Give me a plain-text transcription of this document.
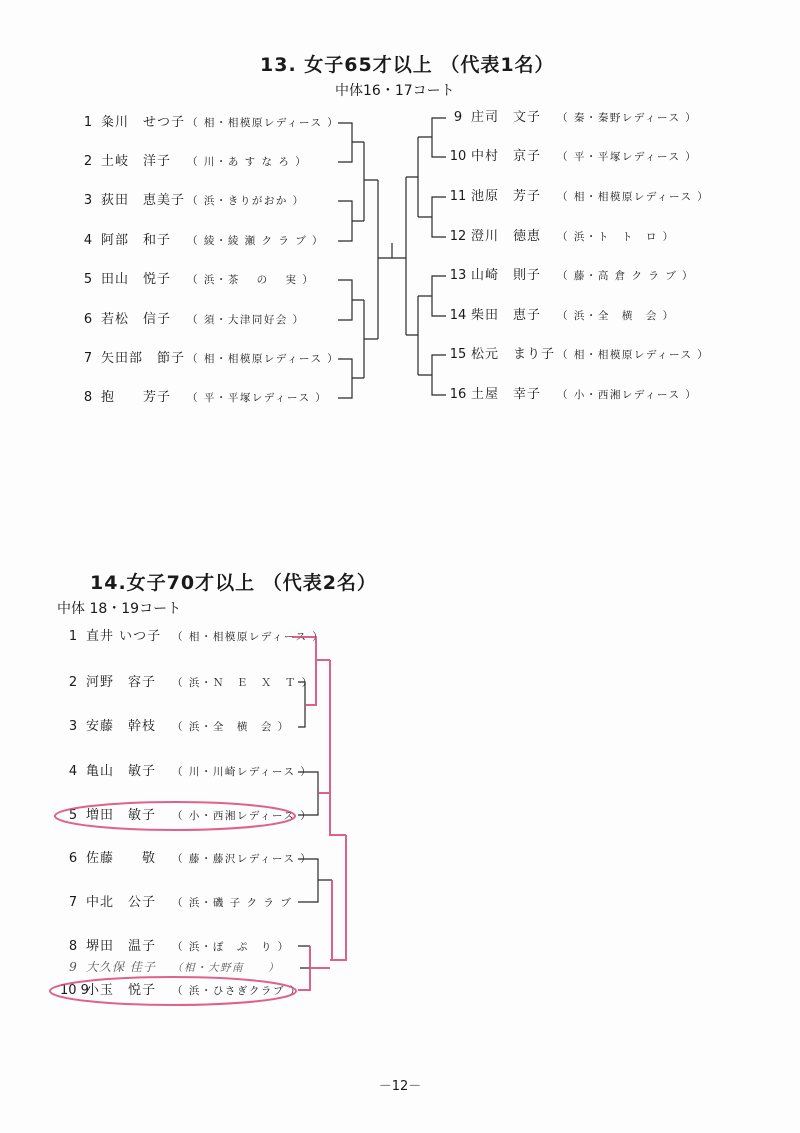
13. 女子65才以上 （代表1名）
中体16・17コート
1 粂川　せつ子 （ 相・相模原レディース ）
2 土岐　洋子 （ 川・あ す な ろ ）
3 荻田　恵美子 （ 浜・きりがおか ）
4 阿部　和子 （ 綾・綾 瀬 ク ラ ブ ）
5 田山　悦子 （ 浜・茶　 の　 実 ）
6 若松　信子 （ 須・大津同好会 ）
7 矢田部　節子 （ 相・相模原レディース ）
8 抱　　芳子 （ 平・平塚レディース ）
9 庄司　文子 （ 秦・秦野レディース ）
10 中村　京子 （ 平・平塚レディース ）
11 池原　芳子 （ 相・相模原レディース ）
12 澄川　徳恵 （ 浜・ト　ト　ロ ）
13 山崎　則子 （ 藤・高 倉 ク ラ ブ ）
14 柴田　恵子 （ 浜・全　横　会 ）
15 松元　まり子 （ 相・相模原レディース ）
16 土屋　幸子 （ 小・西湘レディース ）
14.女子70才以上 （代表2名）
中体 18・19コート
1 直井 いつ子 （ 相・相模原レディース ）
2 河野　容子 （ 浜・Ｎ　Ｅ　Ｘ　Ｔ ）
3 安藤　幹枝 （ 浜・全　横　会 ）
4 亀山　敏子 （ 川・川崎レディース ）
5 増田　敏子 （ 小・西湘レディース ）
6 佐藤　　敬 （ 藤・藤沢レディース ）
7 中北　公子 （ 浜・磯 子 ク ラ ブ
8 堺田　温子 （ 浜・ぽ　ぷ　り ）
9 大久保 佳子 （相・大野南　　）
10 9小玉　悦子 （ 浜・ひさぎクラブ ）
－12－
